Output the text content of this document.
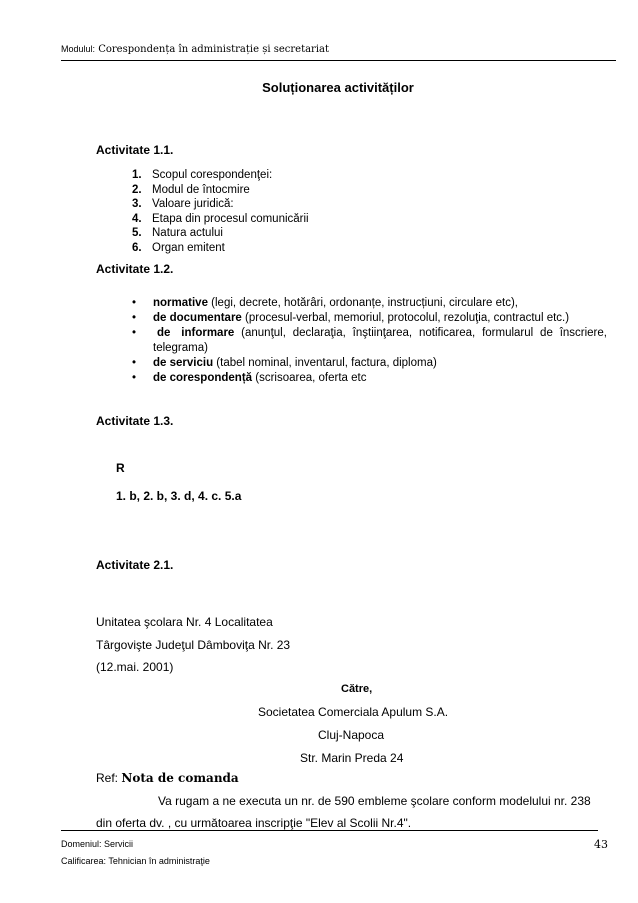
Modulul: Corespondența în administrație și secretariat
Soluționarea activităților
Activitate 1.1.
1. Scopul corespondenţei:
2. Modul de întocmire
3. Valoare juridică:
4. Etapa din procesul comunicării
5. Natura actului
6. Organ emitent
Activitate 1.2.
• normative (legi, decrete, hotărâri, ordonanțe, instrucțiuni, circulare etc),
• de documentare (procesul-verbal, memoriul, protocolul, rezoluţia, contractul etc.)
• de informare (anunţul, declaraţia, înştiinţarea, notificarea, formularul de înscriere, telegrama)
• de serviciu (tabel nominal, inventarul, factura, diploma)
• de corespondență (scrisoarea, oferta etc
Activitate 1.3.
R
1. b, 2. b, 3. d, 4. c. 5.a
Activitate 2.1.
Unitatea şcolara Nr. 4 Localitatea
Târgovişte Judeţul Dâmboviţa Nr. 23
(12.mai. 2001)
Către,
Societatea Comerciala Apulum S.A.
Cluj-Napoca
Str. Marin Preda 24
Ref: Nota de comanda
Va rugam a ne executa un nr. de 590 embleme şcolare conform modelului nr. 238
din oferta dv. , cu următoarea inscripţie "Elev al Scolii Nr.4".
Domeniul: Servicii
Calificarea: Tehnician în administraţie
43
